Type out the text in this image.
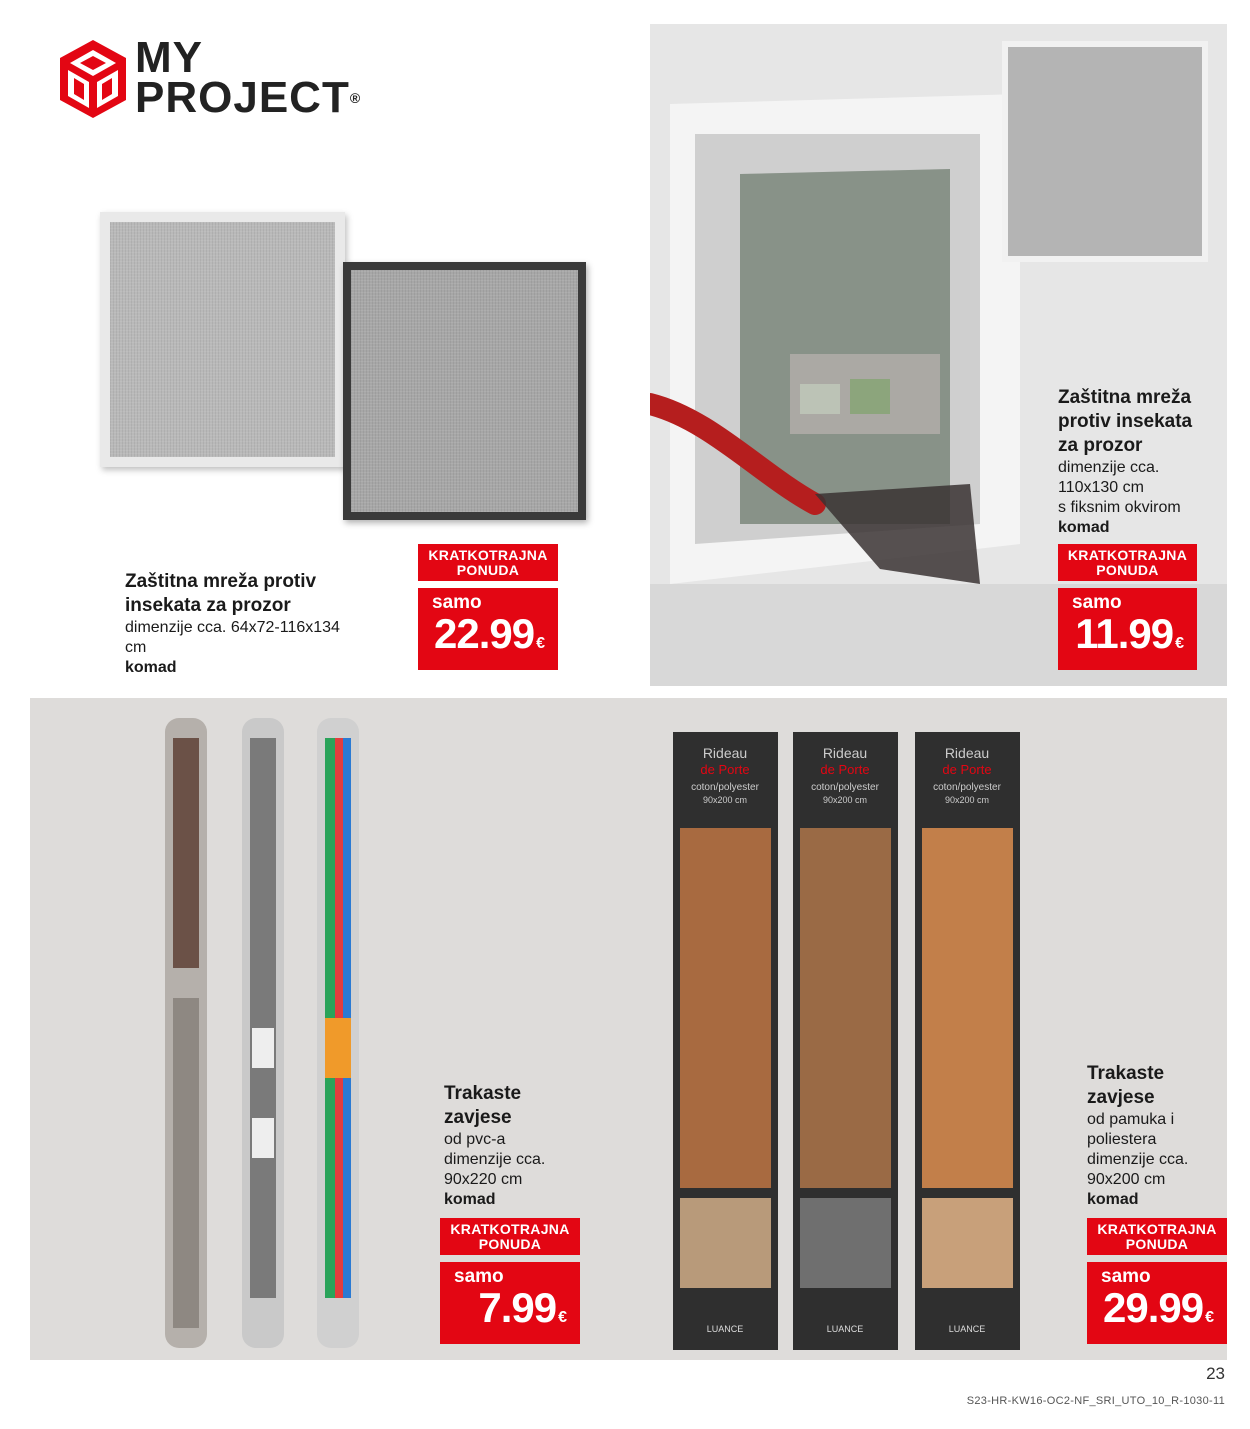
MY
PROJECT®
Zaštitna mreža protiv
insekata za prozor
dimenzije cca. 64x72-116x134
cm
komad
KRATKOTRAJNA
PONUDA
samo
22.99 €
Zaštitna mreža
protiv insekata
za prozor
dimenzije cca.
110x130 cm
s fiksnim okvirom
komad
KRATKOTRAJNA
PONUDA
samo
11.99 €
Rideau
de Porte
coton/polyester
90x200 cm
LUANCE
Rideau
de Porte
coton/polyester
90x200 cm
LUANCE
Rideau
de Porte
coton/polyester
90x200 cm
LUANCE
Trakaste
zavjese
od pvc-a
dimenzije cca.
90x220 cm
komad
KRATKOTRAJNA
PONUDA
samo
7.99 €
Trakaste
zavjese
od pamuka i
poliestera
dimenzije cca.
90x200 cm
komad
KRATKOTRAJNA
PONUDA
samo
29.99 €
23
S23-HR-KW16-OC2-NF_SRI_UTO_10_R-1030-11
